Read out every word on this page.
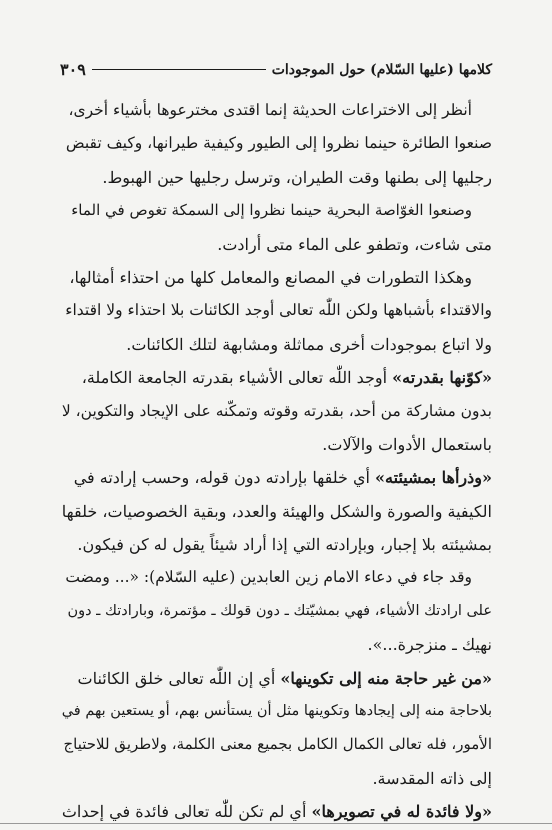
كلامها (عليها السّلام) حول الموجودات
٣٠٩
أنظر إلى الاختراعات الحديثة إنما اقتدى مخترعوها بأشياء أخرى،
صنعوا الطائرة حينما نظروا إلى الطيور وكيفية طيرانها، وكيف تقبض
رجليها إلى بطنها وقت الطيران، وترسل رجليها حين الهبوط.
وصنعوا الغوّاصة البحرية حينما نظروا إلى السمكة تغوص في الماء
متى شاءت، وتطفو على الماء متى أرادت.
وهكذا التطورات في المصانع والمعامل كلها من احتذاء أمثالها،
والاقتداء بأشباهها ولكن اللّٰه تعالى أوجد الكائنات بلا احتذاء ولا اقتداء
ولا اتباع بموجودات أخرى مماثلة ومشابهة لتلك الكائنات.
«كوّنها بقدرته» أوجد اللّٰه تعالى الأشياء بقدرته الجامعة الكاملة،
بدون مشاركة من أحد، بقدرته وقوته وتمكّنه على الإيجاد والتكوين، لا
باستعمال الأدوات والآلات.
«وذرأها بمشيئته» أي خلقها بإرادته دون قوله، وحسب إرادته في
الكيفية والصورة والشكل والهيئة والعدد، وبقية الخصوصيات، خلقها
بمشيئته بلا إجبار، وبإرادته التي إذا أراد شيئاً يقول له كن فيكون.
وقد جاء في دعاء الامام زين العابدين (عليه السّلام): «... ومضت
على ارادتك الأشياء، فهي بمشيّتك ـ دون قولك ـ مؤتمرة، وبارادتك ـ دون
نهيك ـ منزجرة...».
«من غير حاجة منه إلى تكوينها» أي إن اللّٰه تعالى خلق الكائنات
بلاحاجة منه إلى إيجادها وتكوينها مثل أن يستأنس بهم، أو يستعين بهم في
الأمور، فله تعالى الكمال الكامل بجميع معنى الكلمة، ولاطريق للاحتياج
إلى ذاته المقدسة.
«ولا فائدة له في تصويرها» أي لم تكن للّٰه تعالى فائدة في إحداث
